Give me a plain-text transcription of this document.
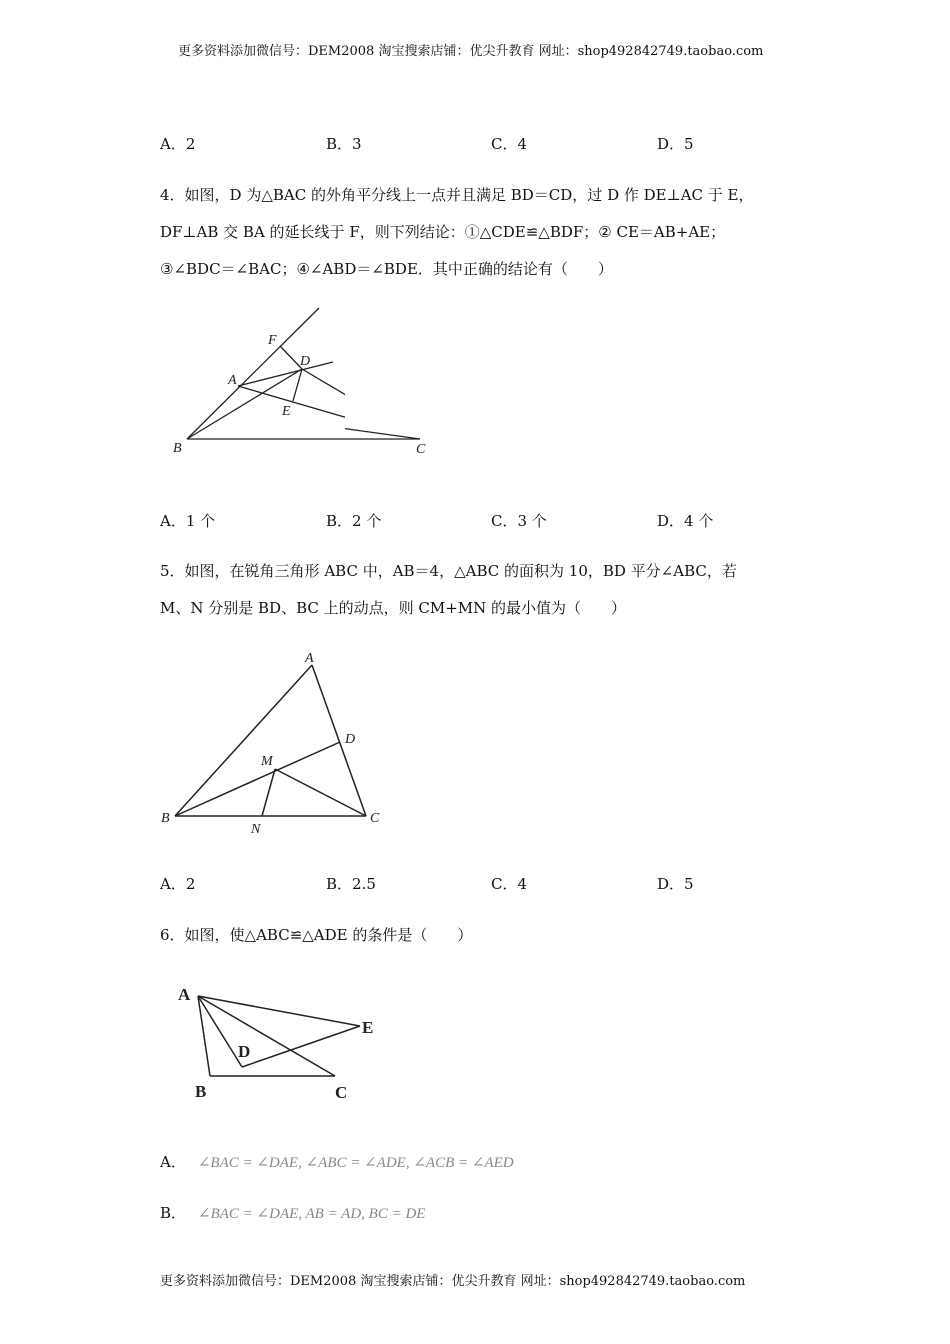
更多资料添加微信号：DEM2008 淘宝搜索店铺：优尖升教育 网址：shop492842749.taobao.com
A．2	B．3	C．4	D．5
4．如图，D 为△BAC 的外角平分线上一点并且满足 BD＝CD，过 D 作 DE⊥AC 于 E，
DF⊥AB 交 BA 的延长线于 F，则下列结论：①△CDE≌△BDF；② CE＝AB+AE；
③∠BDC＝∠BAC；④∠ABD＝∠BDE．其中正确的结论有（　　）
F
D
A
E
B	C
A．1 个	B．2 个	C．3 个	D．4 个
5．如图，在锐角三角形 ABC 中，AB＝4，△ABC 的面积为 10，BD 平分∠ABC，若
M、N 分别是 BD、BC 上的动点，则 CM+MN 的最小值为（　　）
A
D
M
B
N
C
A．2	B．2.5	C．4	D．5
6．如图，使△ABC≌△ADE 的条件是（　　）
A
E
D
B	C
A． ∠BAC = ∠DAE, ∠ABC = ∠ADE, ∠ACB = ∠AED
B． ∠BAC = ∠DAE, AB = AD, BC = DE
更多资料添加微信号：DEM2008 淘宝搜索店铺：优尖升教育 网址：shop492842749.taobao.com
